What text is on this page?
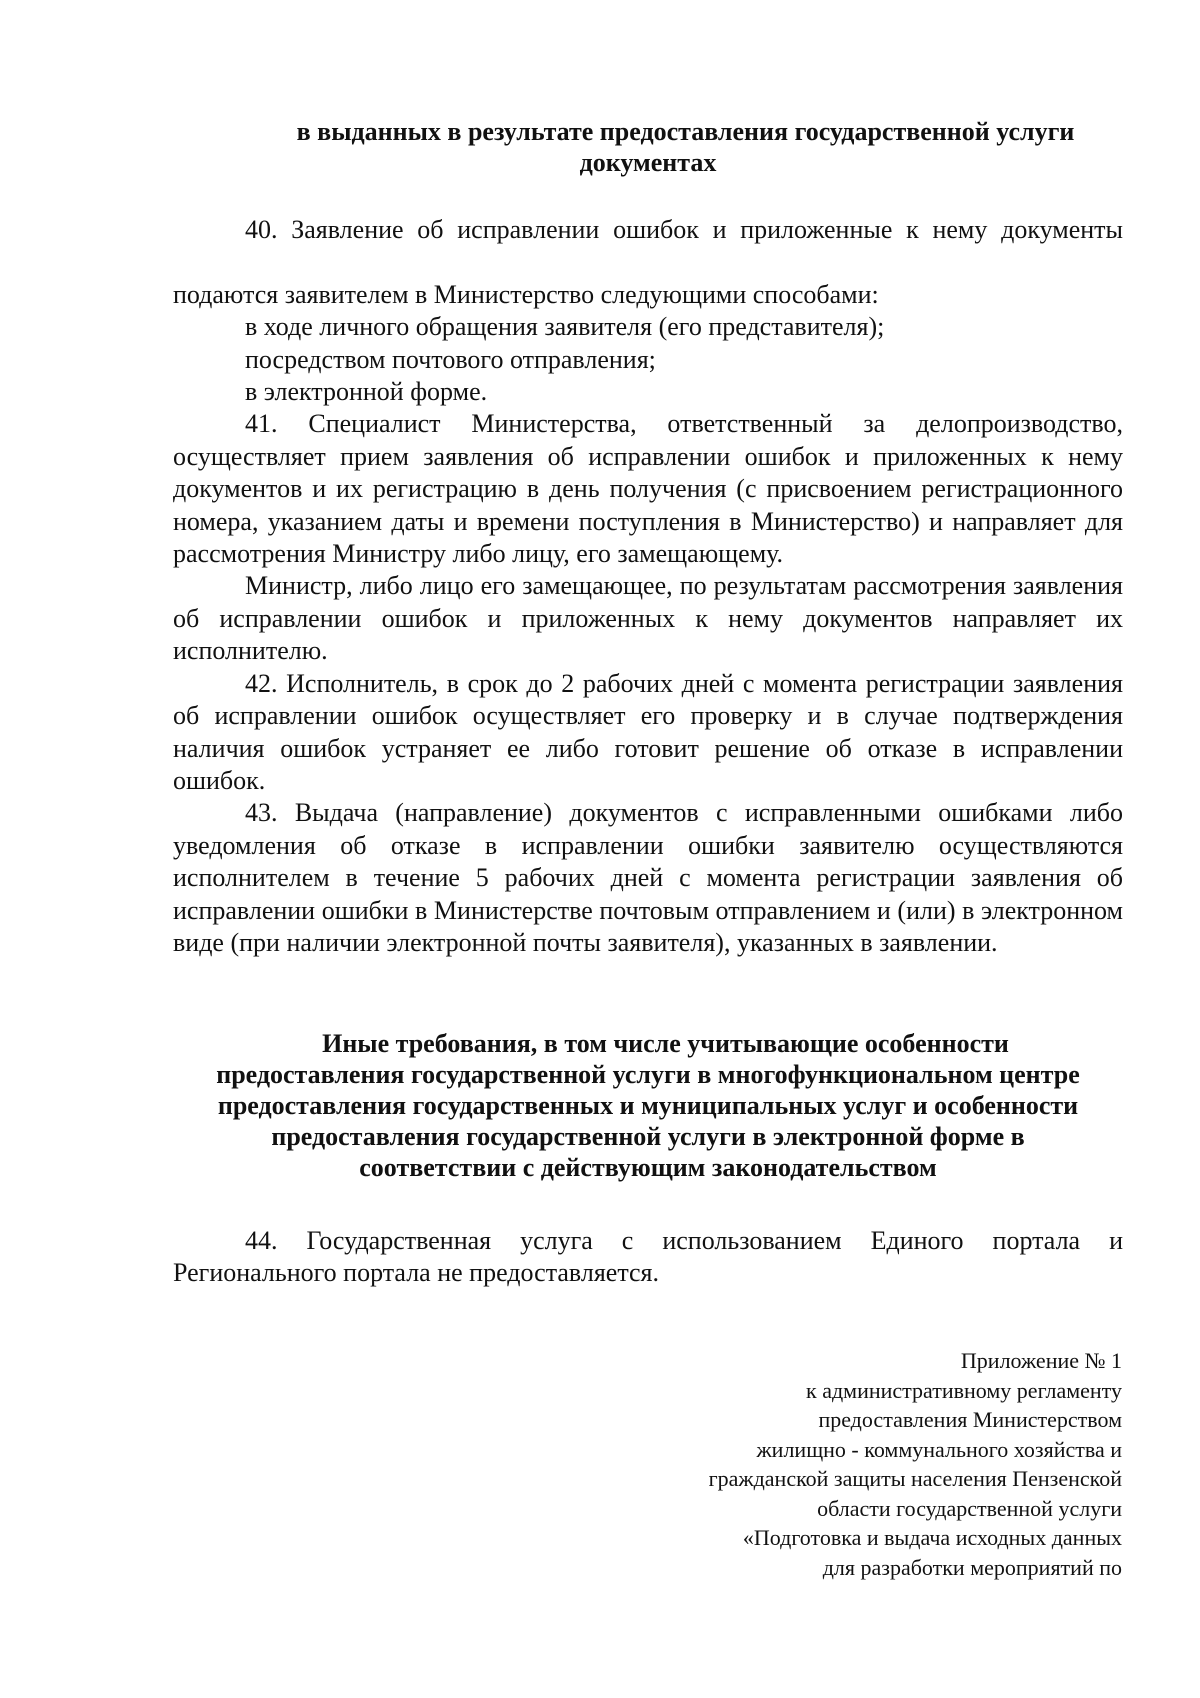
в выданных в результате предоставления государственной услуги
документах

40. Заявление об исправлении ошибок и приложенные к нему документы

подаются заявителем в Министерство следующими способами:

в ходе личного обращения заявителя (его представителя);

посредством почтового отправления;

в электронной форме.

41. Специалист Министерства, ответственный за делопроизводство, осуществляет прием заявления об исправлении ошибок и приложенных к нему документов и их регистрацию в день получения (с присвоением регистрационного номера, указанием даты и времени поступления в Министерство) и направляет для рассмотрения Министру либо лицу, его замещающему.

Министр, либо лицо его замещающее, по результатам рассмотрения заявления об исправлении ошибок и приложенных к нему документов направляет их исполнителю.

42. Исполнитель, в срок до 2 рабочих дней с момента регистрации заявления об исправлении ошибок осуществляет его проверку и в случае подтверждения наличия ошибок устраняет ее либо готовит решение об отказе в исправлении ошибок.

43. Выдача (направление) документов с исправленными ошибками либо уведомления об отказе в исправлении ошибки заявителю осуществляются исполнителем в течение 5 рабочих дней с момента регистрации заявления об исправлении ошибки в Министерстве почтовым отправлением и (или) в электронном виде (при наличии электронной почты заявителя), указанных в заявлении.

Иные требования, в том числе учитывающие особенности
предоставления государственной услуги в многофункциональном центре
предоставления государственных и муниципальных услуг и особенности
предоставления государственной услуги в электронной форме в
соответствии с действующим законодательством

44. Государственная услуга с использованием Единого портала и Регионального портала не предоставляется.

Приложение № 1
к административному регламенту
предоставления Министерством
жилищно - коммунального хозяйства и
гражданской защиты населения Пензенской
области государственной услуги
«Подготовка и выдача исходных данных
для разработки мероприятий по
